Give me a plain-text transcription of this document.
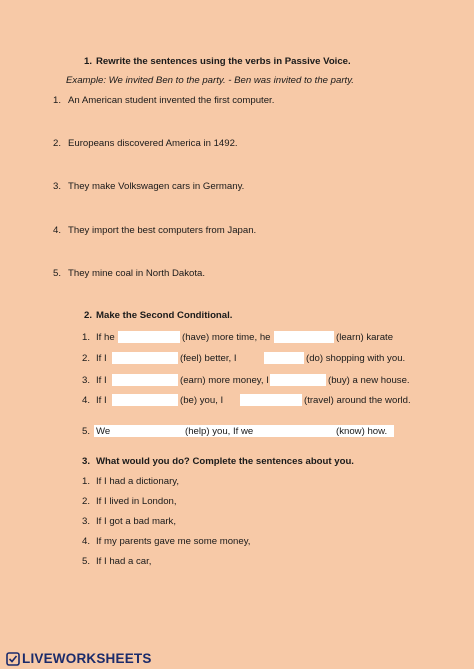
1. Rewrite the sentences using the verbs in Passive Voice.
Example: We invited Ben to the party. - Ben was invited to the party.
1. An American student invented the first computer.
2. Europeans discovered America in 1492.
3. They make Volkswagen cars in Germany.
4. They import the best computers from Japan.
5. They mine coal in North Dakota.
2. Make the Second Conditional.
1. If he	(have) more time, he	(learn) karate
2. If I	(feel) better, I	(do) shopping with you.
3. If I	(earn) more money, I	(buy) a new house.
4. If I	(be) you, I	(travel) around the world.
5. We	(help) you, If we	(know) how.
3. What would you do? Complete the sentences about you.
1. If I had a dictionary,
2. If I lived in London,
3. If I got a bad mark,
4. If my parents gave me some money,
5. If I had a car,
LIVEWORKSHEETS
